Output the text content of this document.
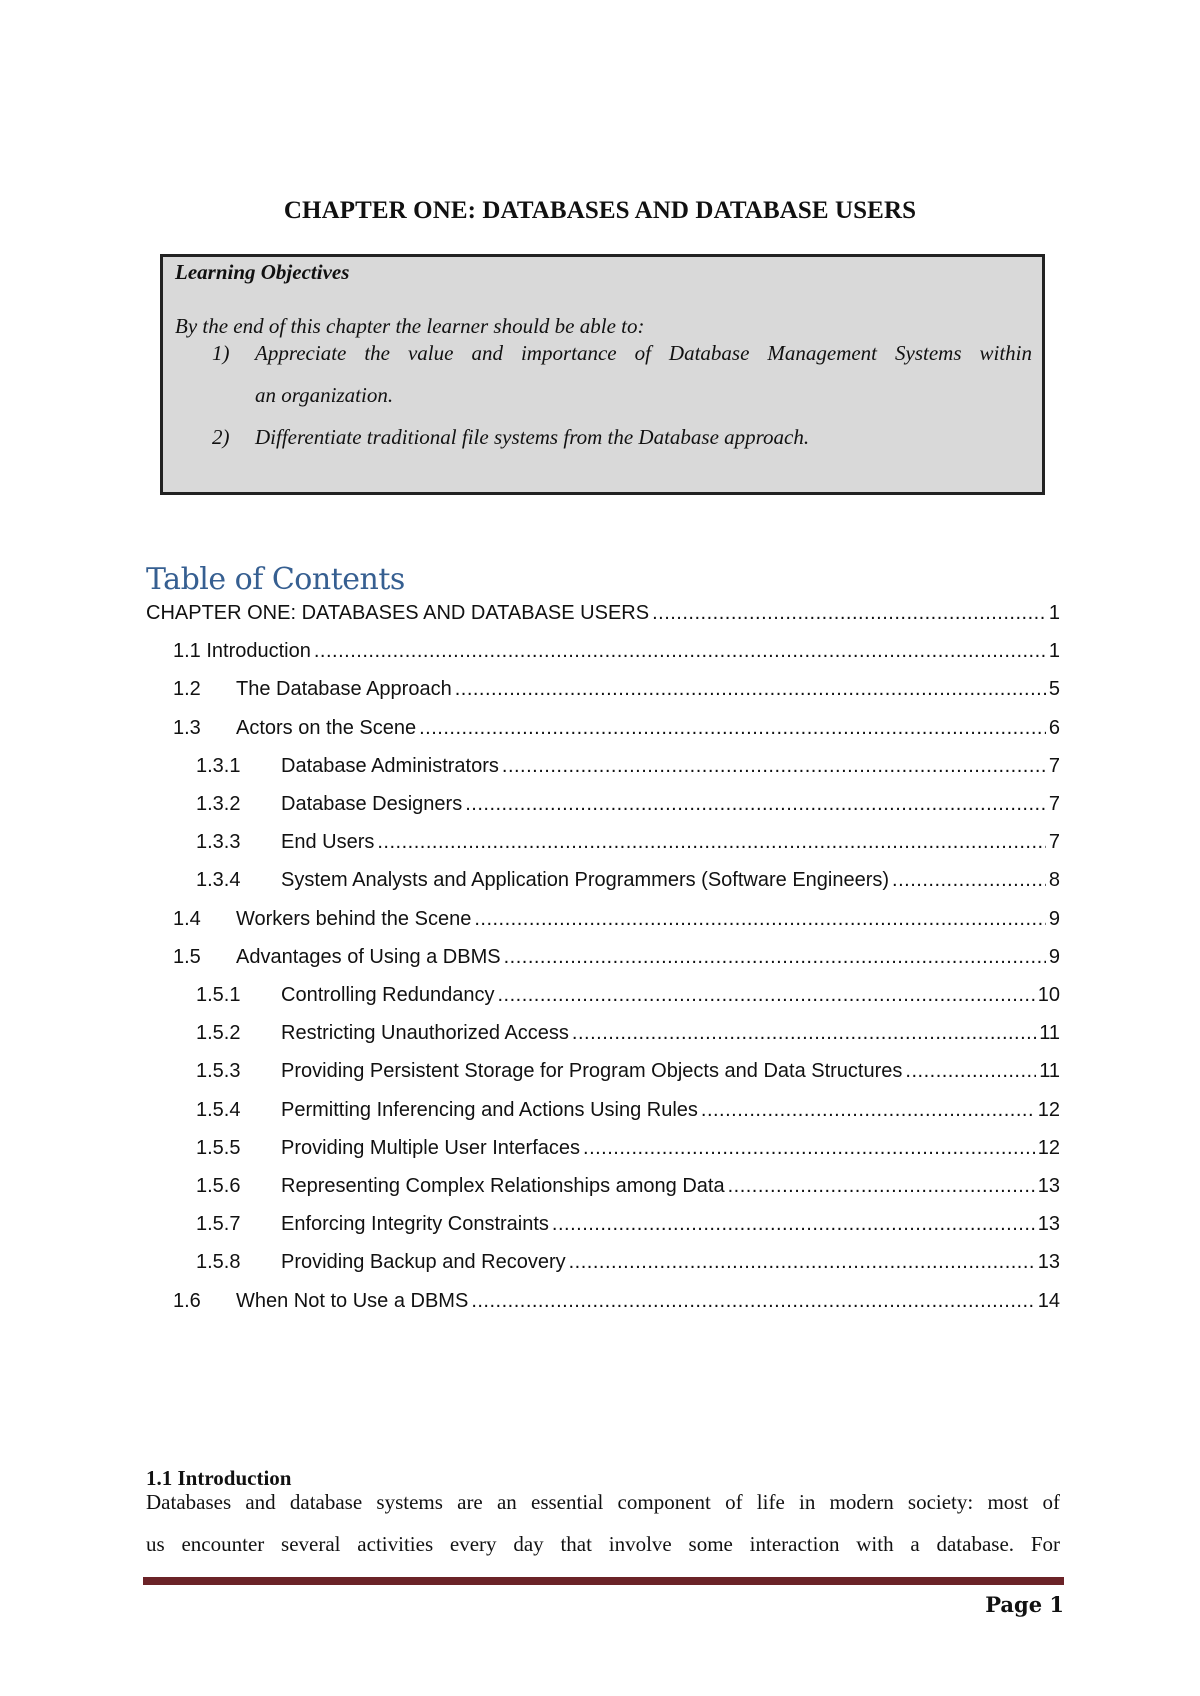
CHAPTER ONE: DATABASES AND DATABASE USERS
Learning Objectives
By the end of this chapter the learner should be able to:
1)	Appreciate the value and importance of Database Management Systems within
an organization.
2)	Differentiate traditional file systems from the Database approach.
Table of Contents
CHAPTER ONE: DATABASES AND DATABASE USERS .....	1
1.1 Introduction .....	1
1.2	The Database Approach .....	5
1.3	Actors on the Scene .....	6
1.3.1	Database Administrators .....	7
1.3.2	Database Designers .....	7
1.3.3	End Users .....	7
1.3.4	System Analysts and Application Programmers (Software Engineers) .....	8
1.4	Workers behind the Scene .....	9
1.5	Advantages of Using a DBMS .....	9
1.5.1	Controlling Redundancy .....	10
1.5.2	Restricting Unauthorized Access .....	11
1.5.3	Providing Persistent Storage for Program Objects and Data Structures .....	11
1.5.4	Permitting Inferencing and Actions Using Rules .....	12
1.5.5	Providing Multiple User Interfaces .....	12
1.5.6	Representing Complex Relationships among Data .....	13
1.5.7	Enforcing Integrity Constraints .....	13
1.5.8	Providing Backup and Recovery .....	13
1.6	When Not to Use a DBMS .....	14
1.1 Introduction
Databases and database systems are an essential component of life in modern society: most of
us encounter several activities every day that involve some interaction with a database. For
Page 1
